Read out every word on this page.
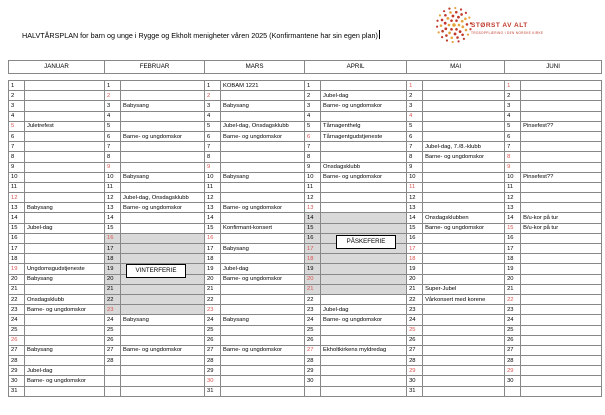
HALVTÅRSPLAN for barn og unge i Rygge og Ekholt menigheter våren 2025 (Konfirmantene har sin egen plan)
STØRST AV ALT
TROSOPPLÆRING I DEN NORSKE KIRKE
JANUAR		FEBRUAR		MARS		APRIL		MAI		JUNI	

1		1		1	KOBAM 1221	1		1		1	
2		2		2		2	Jubel-dag	2		2	
3		3	Babysang	3	Babysang	3	Barne- og ungdomskor	3		3	
4		4		4		4		4		4	
5	Juletrefest	5		5	Jubel-dag, Onsdagsklubb	5	Tårnagenthelg	5		5	Pinsefest??
6		6	Barne- og ungdomskor	6	Barne- og ungdomskor	6	Tårnagentgudstjeneste	6		6	
7		7		7		7		7	Jubel-dag, 7./8.-klubb	7	
8		8		8		8		8	Barne- og ungdomskor	8	
9		9		9		9	Onsdagsklubb	9		9	
10		10	Babysang	10	Babysang	10	Barne- og ungdomskor	10		10	Pinsefest??
11		11		11		11		11		11	
12		12	Jubel-dag, Onsdagsklubb	12		12		12		12	
13	Babysang	13	Barne- og ungdomskor	13	Barne- og ungdomskor	13		13		13	
14		14		14		14		14	Onsdagsklubben	14	B/u-kor på tur
15	Jubel-dag	15		15	Konfirmant-konsert	15		15	Barne- og ungdomskor	15	B/u-kor på tur
16		16		16		16		16		16	
17		17		17	Babysang	17		17		17	
18		18		18		18		18		18	
19	Ungdomsgudstjeneste	19		19	Jubel-dag	19		19		19	
20	Babysang	20		20	Barne- og ungdomskor	20		20		20	
21		21		21		21		21	Super-Jubel	21	
22	Onsdagsklubb	22		22		22		22	Vårkonsert med korene	22	
23	Barne- og ungdomskor	23		23		23	Jubel-dag	23		23	
24		24	Babysang	24	Babysang	24	Barne- og ungdomskor	24		24	
25		25		25		25		25		25	
26		26		26		26		26		26	
27	Babysang	27	Barne- og ungdomskor	27	Barne- og ungdomskor	27	Ekholtkirkens myldredag	27		27	
28		28		28		28		28		28	
29	Jubel-dag			29		29		29		29	
30	Barne- og ungdomskor			30		30		30		30	
31				31				31			
VINTERFERIE
PÅSKEFERIE
